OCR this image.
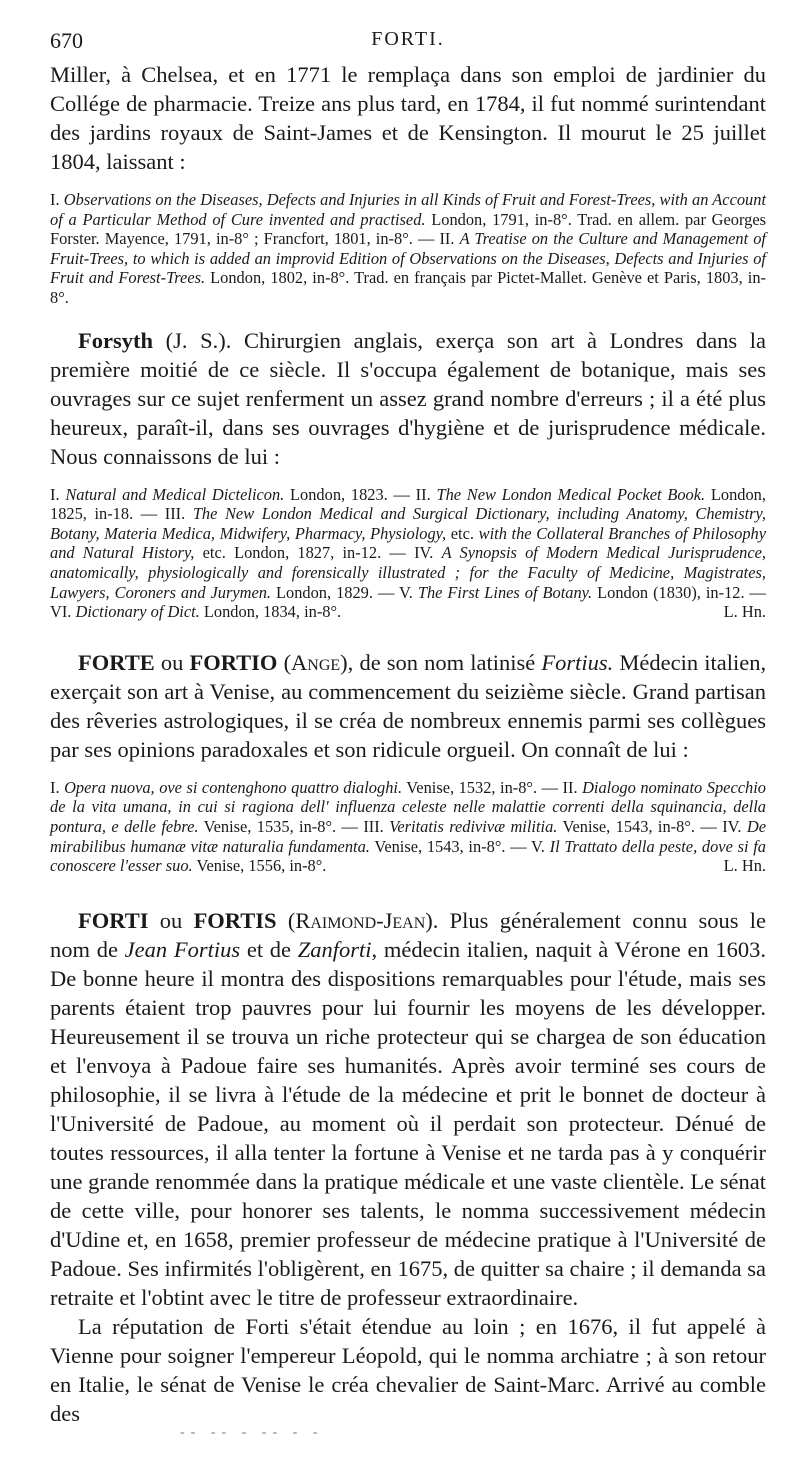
670	FORTI.

Miller, à Chelsea, et en 1771 le remplaça dans son emploi de jardinier du Collége de pharmacie. Treize ans plus tard, en 1784, il fut nommé surintendant des jardins royaux de Saint-James et de Kensington. Il mourut le 25 juillet 1804, laissant :

I. Observations on the Diseases, Defects and Injuries in all Kinds of Fruit and Forest-Trees, with an Account of a Particular Method of Cure invented and practised. London, 1791, in-8°. Trad. en allem. par Georges Forster. Mayence, 1791, in-8° ; Francfort, 1801, in-8°. — II. A Treatise on the Culture and Management of Fruit-Trees, to which is added an improvid Edition of Observations on the Diseases, Defects and Injuries of Fruit and Forest-Trees. London, 1802, in-8°. Trad. en français par Pictet-Mallet. Genève et Paris, 1803, in-8°.

Forsyth (J. S.). Chirurgien anglais, exerça son art à Londres dans la première moitié de ce siècle. Il s'occupa également de botanique, mais ses ouvrages sur ce sujet renferment un assez grand nombre d'erreurs ; il a été plus heureux, paraît-il, dans ses ouvrages d'hygiène et de jurisprudence médicale. Nous connaissons de lui :

I. Natural and Medical Dictelicon. London, 1823. — II. The New London Medical Pocket Book. London, 1825, in-18. — III. The New London Medical and Surgical Dictionary, including Anatomy, Chemistry, Botany, Materia Medica, Midwifery, Pharmacy, Physiology, etc. with the Collateral Branches of Philosophy and Natural History, etc. London, 1827, in-12. — IV. A Synopsis of Modern Medical Jurisprudence, anatomically, physiologically and forensically illustrated ; for the Faculty of Medicine, Magistrates, Lawyers, Coroners and Jurymen. London, 1829. — V. The First Lines of Botany. London (1830), in-12. — VI. Dictionary of Dict. London, 1834, in-8°.	L. Hn.

FORTE ou FORTIO (Ange), de son nom latinisé Fortius. Médecin italien, exerçait son art à Venise, au commencement du seizième siècle. Grand partisan des rêveries astrologiques, il se créa de nombreux ennemis parmi ses collègues par ses opinions paradoxales et son ridicule orgueil. On connaît de lui :

I. Opera nuova, ove si contenghono quattro dialoghi. Venise, 1532, in-8°. — II. Dialogo nominato Specchio de la vita umana, in cui si ragiona dell' influenza celeste nelle malattie correnti della squinancia, della pontura, e delle febre. Venise, 1535, in-8°. — III. Veritatis redivivæ militia. Venise, 1543, in-8°. — IV. De mirabilibus humanæ vitæ naturalia fundamenta. Venise, 1543, in-8°. — V. Il Trattato della peste, dove si fa conoscere l'esser suo. Venise, 1556, in-8°.	L. Hn.

FORTI ou FORTIS (Raimond-Jean). Plus généralement connu sous le nom de Jean Fortius et de Zanforti, médecin italien, naquit à Vérone en 1603. De bonne heure il montra des dispositions remarquables pour l'étude, mais ses parents étaient trop pauvres pour lui fournir les moyens de les développer. Heureusement il se trouva un riche protecteur qui se chargea de son éducation et l'envoya à Padoue faire ses humanités. Après avoir terminé ses cours de philosophie, il se livra à l'étude de la médecine et prit le bonnet de docteur à l'Université de Padoue, au moment où il perdait son protecteur. Dénué de toutes ressources, il alla tenter la fortune à Venise et ne tarda pas à y conquérir une grande renommée dans la pratique médicale et une vaste clientèle. Le sénat de cette ville, pour honorer ses talents, le nomma successivement médecin d'Udine et, en 1658, premier professeur de médecine pratique à l'Université de Padoue. Ses infirmités l'obligèrent, en 1675, de quitter sa chaire ; il demanda sa retraite et l'obtint avec le titre de professeur extraordinaire.

La réputation de Forti s'était étendue au loin ; en 1676, il fut appelé à Vienne pour soigner l'empereur Léopold, qui le nomma archiatre ; à son retour en Italie, le sénat de Venise le créa chevalier de Saint-Marc. Arrivé au comble des

-- -- - -- - -
